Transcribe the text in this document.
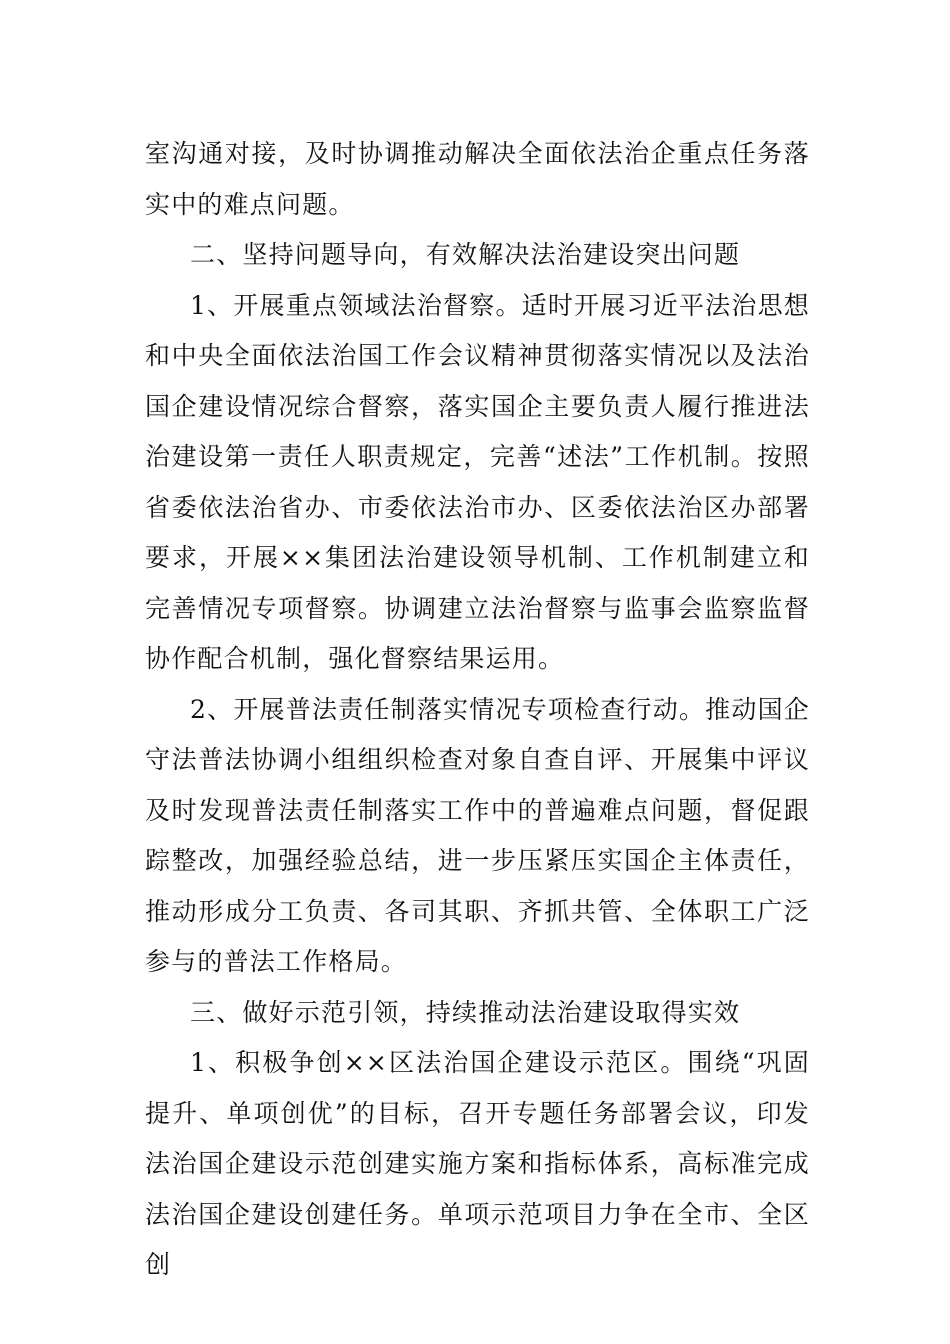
室沟通对接，及时协调推动解决全面依法治企重点任务落实中的难点问题。

二、坚持问题导向，有效解决法治建设突出问题

1、开展重点领域法治督察。适时开展习近平法治思想和中央全面依法治国工作会议精神贯彻落实情况以及法治国企建设情况综合督察，落实国企主要负责人履行推进法治建设第一责任人职责规定，完善“述法”工作机制。按照省委依法治省办、市委依法治市办、区委依法治区办部署要求，开展××集团法治建设领导机制、工作机制建立和完善情况专项督察。协调建立法治督察与监事会监察监督协作配合机制，强化督察结果运用。

2、开展普法责任制落实情况专项检查行动。推动国企守法普法协调小组组织检查对象自查自评、开展集中评议及时发现普法责任制落实工作中的普遍难点问题，督促跟踪整改，加强经验总结，进一步压紧压实国企主体责任，推动形成分工负责、各司其职、齐抓共管、全体职工广泛参与的普法工作格局。

三、做好示范引领，持续推动法治建设取得实效

1、积极争创××区法治国企建设示范区。围绕“巩固提升、单项创优”的目标，召开专题任务部署会议，印发法治国企建设示范创建实施方案和指标体系，高标准完成法治国企建设创建任务。单项示范项目力争在全市、全区创
